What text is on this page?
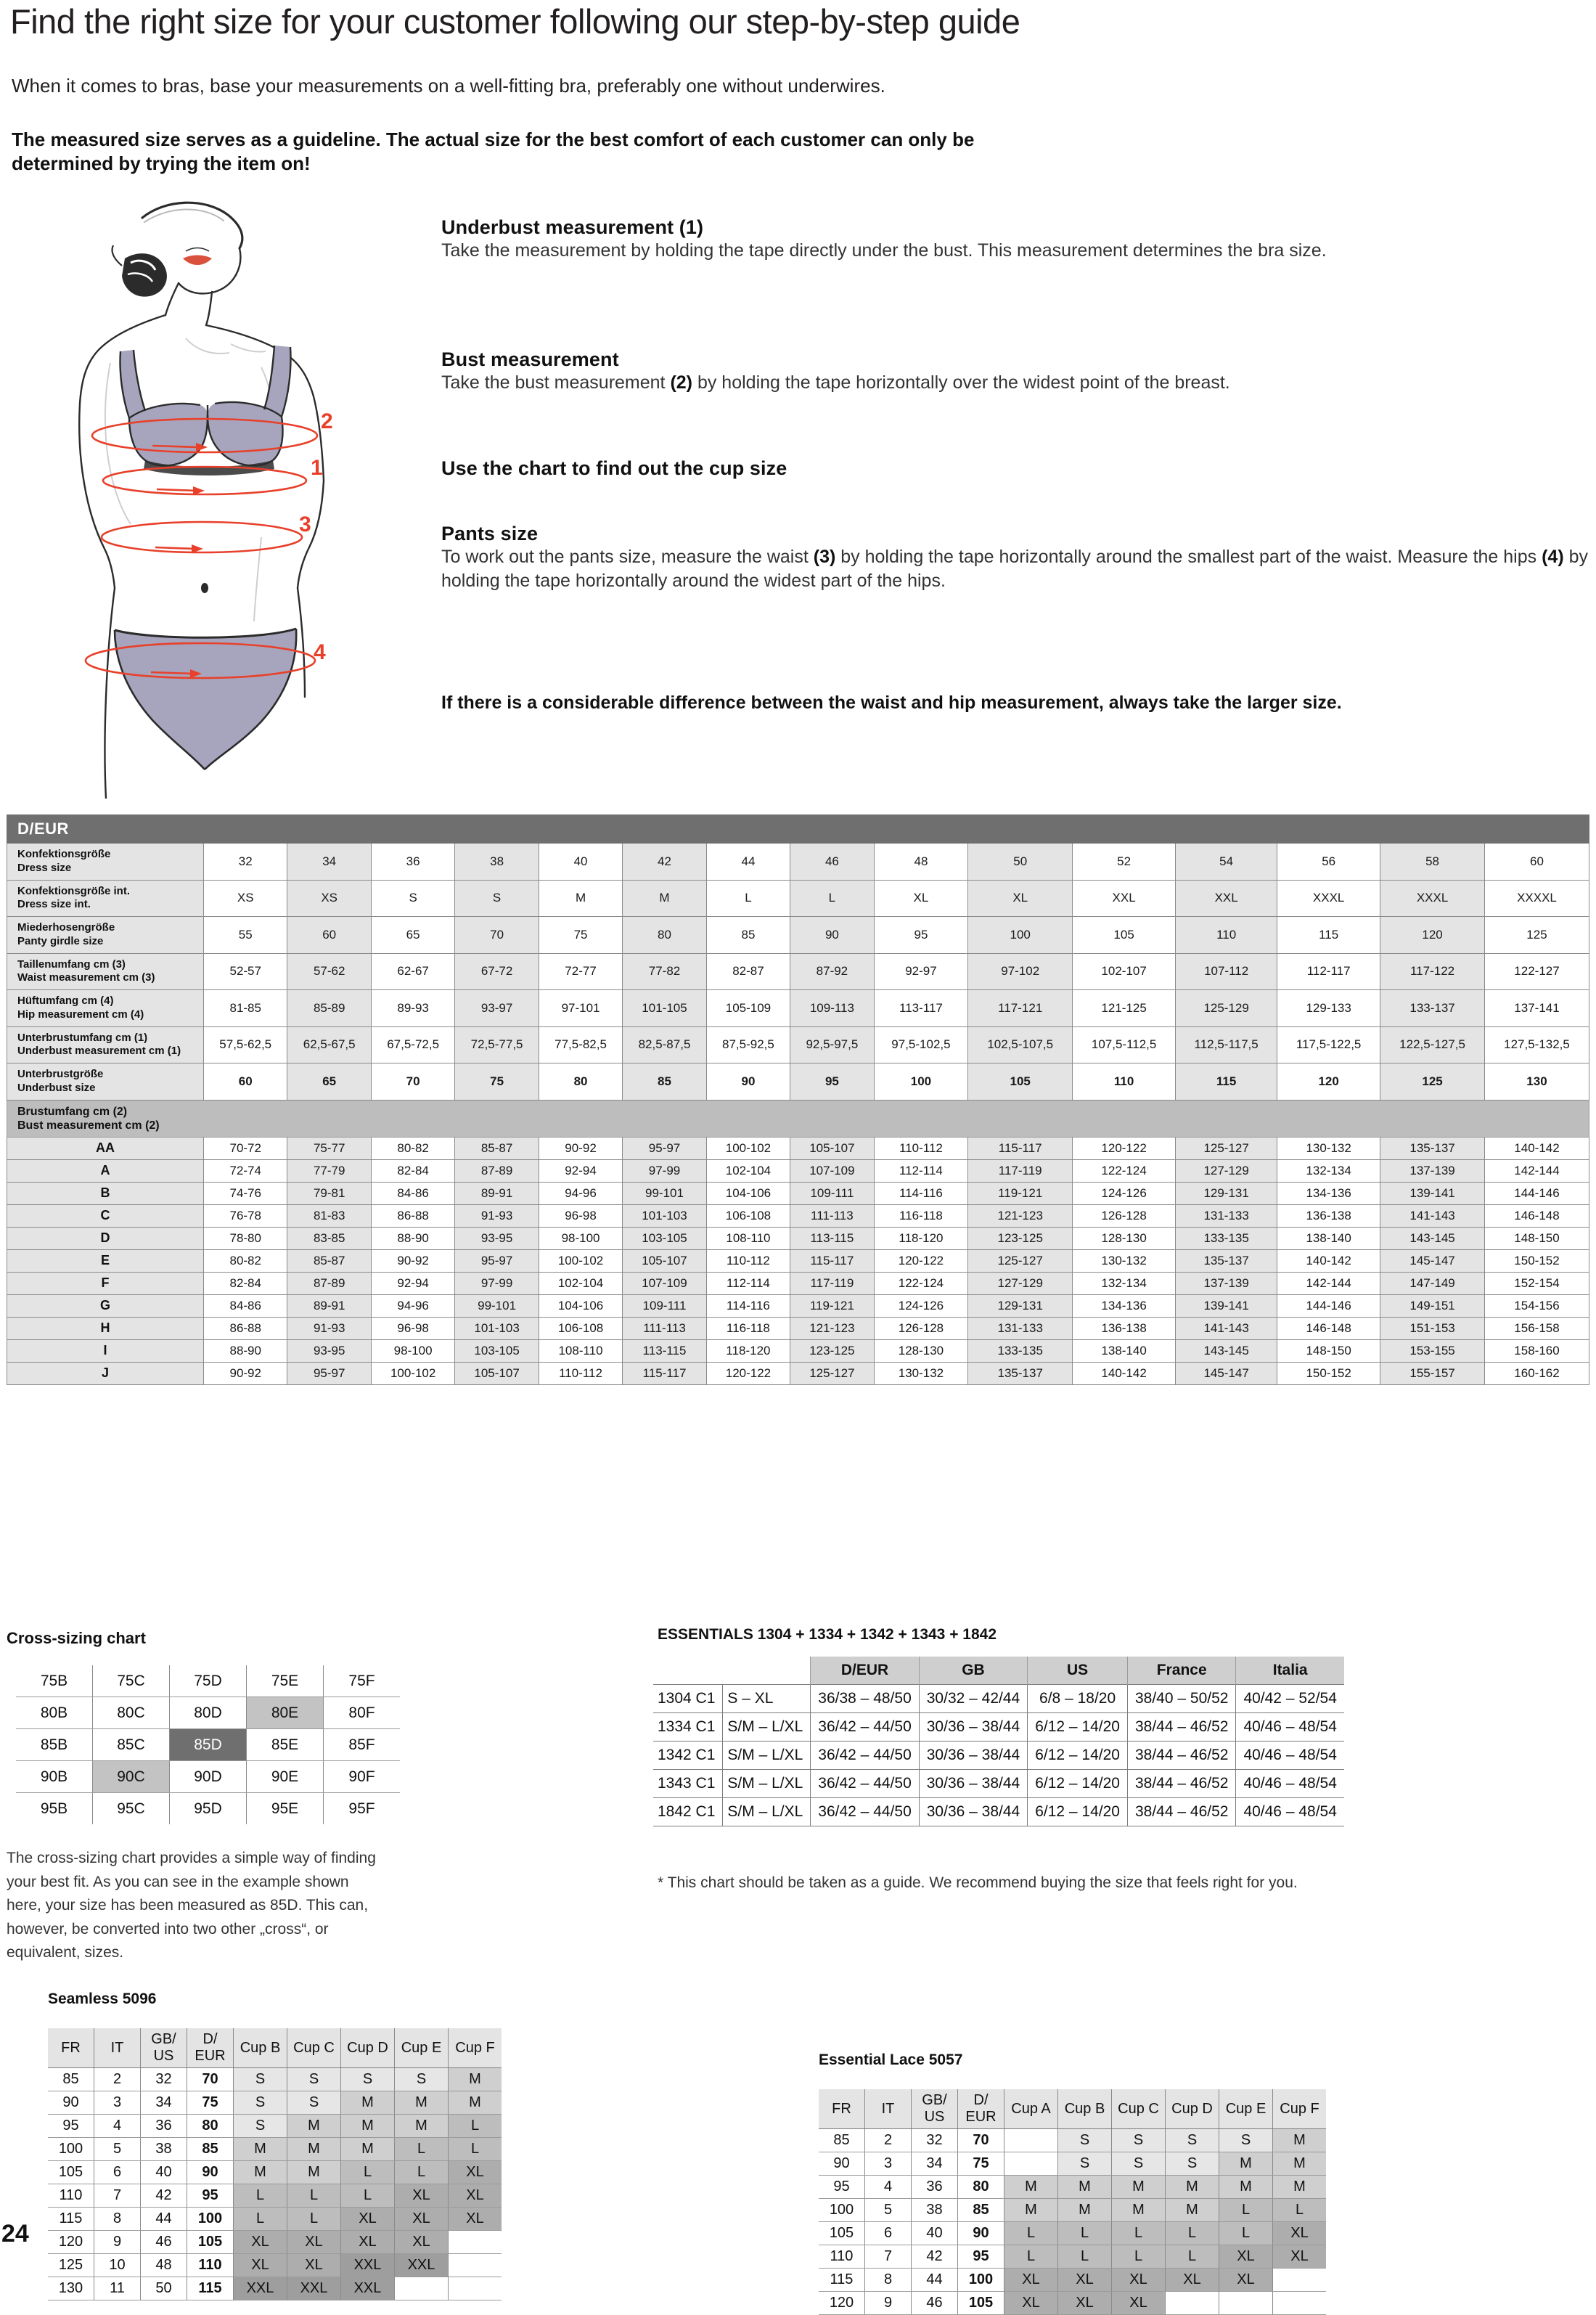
Find the right size for your customer following our step-by-step guide
When it comes to bras, base your measurements on a well-fitting bra, preferably one without underwires.
The measured size serves as a guideline. The actual size for the best comfort of each customer can only be determined by trying the item on!
2
1
3
4
Underbust measurement (1)

Take the measurement by holding the tape directly under the bust. This measurement determines the bra size.

Bust measurement

Take the bust measurement (2) by holding the tape horizontally over the widest point of the breast.

Use the chart to find out the cup size
Pants size

To work out the pants size, measure the waist (3) by holding the tape horizontally around the smallest part of the waist. Measure the hips (4) by holding the tape horizontally around the widest part of the hips.

If there is a considerable difference between the waist and hip measurement, always take the larger size.

D/EUR															
Konfektionsgröße
Dress size	32	34	36	38	40	42	44	46	48	50	52	54	56	58	60
Konfektionsgröße int.
Dress size int.	XS	XS	S	S	M	M	L	L	XL	XL	XXL	XXL	XXXL	XXXL	XXXXL
Miederhosengröße
Panty girdle size	55	60	65	70	75	80	85	90	95	100	105	110	115	120	125
Taillenumfang cm (3)
Waist measurement cm (3)	52-57	57-62	62-67	67-72	72-77	77-82	82-87	87-92	92-97	97-102	102-107	107-112	112-117	117-122	122-127
Hüftumfang cm (4)
Hip measurement cm (4)	81-85	85-89	89-93	93-97	97-101	101-105	105-109	109-113	113-117	117-121	121-125	125-129	129-133	133-137	137-141
Unterbrustumfang cm (1)
Underbust measurement cm (1)	57,5-62,5	62,5-67,5	67,5-72,5	72,5-77,5	77,5-82,5	82,5-87,5	87,5-92,5	92,5-97,5	97,5-102,5	102,5-107,5	107,5-112,5	112,5-117,5	117,5-122,5	122,5-127,5	127,5-132,5
Unterbrustgröße
Underbust size	60	65	70	75	80	85	90	95	100	105	110	115	120	125	130
Brustumfang cm (2)
Bust measurement cm (2)															
AA	70-72	75-77	80-82	85-87	90-92	95-97	100-102	105-107	110-112	115-117	120-122	125-127	130-132	135-137	140-142
A	72-74	77-79	82-84	87-89	92-94	97-99	102-104	107-109	112-114	117-119	122-124	127-129	132-134	137-139	142-144
B	74-76	79-81	84-86	89-91	94-96	99-101	104-106	109-111	114-116	119-121	124-126	129-131	134-136	139-141	144-146
C	76-78	81-83	86-88	91-93	96-98	101-103	106-108	111-113	116-118	121-123	126-128	131-133	136-138	141-143	146-148
D	78-80	83-85	88-90	93-95	98-100	103-105	108-110	113-115	118-120	123-125	128-130	133-135	138-140	143-145	148-150
E	80-82	85-87	90-92	95-97	100-102	105-107	110-112	115-117	120-122	125-127	130-132	135-137	140-142	145-147	150-152
F	82-84	87-89	92-94	97-99	102-104	107-109	112-114	117-119	122-124	127-129	132-134	137-139	142-144	147-149	152-154
G	84-86	89-91	94-96	99-101	104-106	109-111	114-116	119-121	124-126	129-131	134-136	139-141	144-146	149-151	154-156
H	86-88	91-93	96-98	101-103	106-108	111-113	116-118	121-123	126-128	131-133	136-138	141-143	146-148	151-153	156-158
I	88-90	93-95	98-100	103-105	108-110	113-115	118-120	123-125	128-130	133-135	138-140	143-145	148-150	153-155	158-160
J	90-92	95-97	100-102	105-107	110-112	115-117	120-122	125-127	130-132	135-137	140-142	145-147	150-152	155-157	160-162
Cross-sizing chart
75B	75C	75D	75E	75F
80B	80C	80D	80E	80F
85B	85C	85D	85E	85F
90B	90C	90D	90E	90F
95B	95C	95D	95E	95F
The cross-sizing chart provides a simple way of finding your best fit. As you can see in the example shown here, your size has been measured as 85D. This can, however, be converted into two other „cross“, or equivalent, sizes.
ESSENTIALS 1304 + 1334 + 1342 + 1343 + 1842
		D/EUR	GB	US	France	Italia
1304 C1	S – XL	36/38 – 48/50	30/32 – 42/44	6/8 – 18/20	38/40 – 50/52	40/42 – 52/54
1334 C1	S/M – L/XL	36/42 – 44/50	30/36 – 38/44	6/12 – 14/20	38/44 – 46/52	40/46 – 48/54
1342 C1	S/M – L/XL	36/42 – 44/50	30/36 – 38/44	6/12 – 14/20	38/44 – 46/52	40/46 – 48/54
1343 C1	S/M – L/XL	36/42 – 44/50	30/36 – 38/44	6/12 – 14/20	38/44 – 46/52	40/46 – 48/54
1842 C1	S/M – L/XL	36/42 – 44/50	30/36 – 38/44	6/12 – 14/20	38/44 – 46/52	40/46 – 48/54
* This chart should be taken as a guide. We recommend buying the size that feels right for you.
Seamless 5096
FR	IT	GB/ US	D/ EUR	Cup B	Cup C	Cup D	Cup E	Cup F
85	2	32	70	S	S	S	S	M
90	3	34	75	S	S	M	M	M
95	4	36	80	S	M	M	M	L
100	5	38	85	M	M	M	L	L
105	6	40	90	M	M	L	L	XL
110	7	42	95	L	L	L	XL	XL
115	8	44	100	L	L	XL	XL	XL
120	9	46	105	XL	XL	XL	XL	
125	10	48	110	XL	XL	XXL	XXL	
130	11	50	115	XXL	XXL	XXL		
Essential Lace 5057
FR	IT	GB/ US	D/ EUR	Cup A	Cup B	Cup C	Cup D	Cup E	Cup F
85	2	32	70		S	S	S	S	M
90	3	34	75		S	S	S	M	M
95	4	36	80	M	M	M	M	M	M
100	5	38	85	M	M	M	M	L	L
105	6	40	90	L	L	L	L	L	XL
110	7	42	95	L	L	L	L	XL	XL
115	8	44	100	XL	XL	XL	XL	XL	
120	9	46	105	XL	XL	XL			
24
